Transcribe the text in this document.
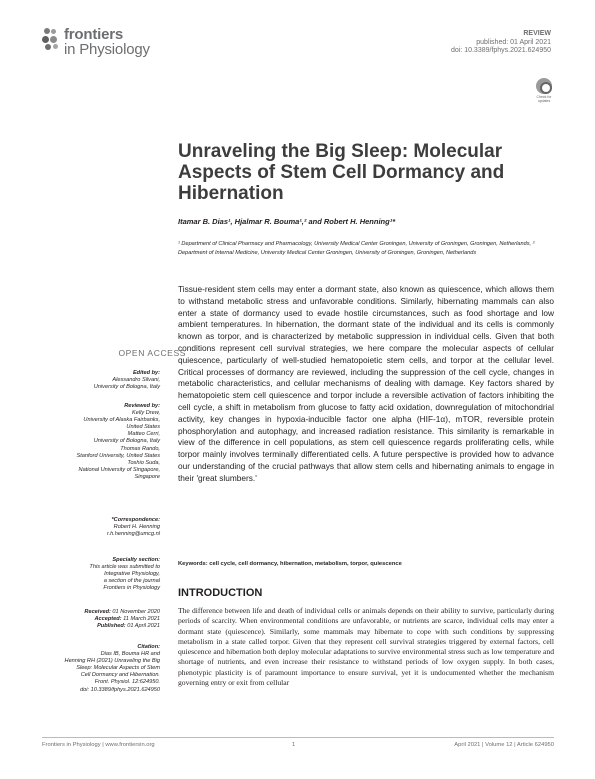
frontiers
in Physiology
REVIEW
published: 01 April 2021
doi: 10.3389/fphys.2021.624950
Check for updates
Unraveling the Big Sleep: Molecular Aspects of Stem Cell Dormancy and Hibernation
Itamar B. Dias¹, Hjalmar R. Bouma¹,² and Robert H. Henning¹*
¹ Department of Clinical Pharmacy and Pharmacology, University Medical Center Groningen, University of Groningen, Groningen, Netherlands, ² Department of Internal Medicine, University Medical Center Groningen, University of Groningen, Groningen, Netherlands
Tissue-resident stem cells may enter a dormant state, also known as quiescence, which allows them to withstand metabolic stress and unfavorable conditions. Similarly, hibernating mammals can also enter a state of dormancy used to evade hostile circumstances, such as food shortage and low ambient temperatures. In hibernation, the dormant state of the individual and its cells is commonly known as torpor, and is characterized by metabolic suppression in individual cells. Given that both conditions represent cell survival strategies, we here compare the molecular aspects of cellular quiescence, particularly of well-studied hematopoietic stem cells, and torpor at the cellular level. Critical processes of dormancy are reviewed, including the suppression of the cell cycle, changes in metabolic characteristics, and cellular mechanisms of dealing with damage. Key factors shared by hematopoietic stem cell quiescence and torpor include a reversible activation of factors inhibiting the cell cycle, a shift in metabolism from glucose to fatty acid oxidation, downregulation of mitochondrial activity, key changes in hypoxia-inducible factor one alpha (HIF-1α), mTOR, reversible protein phosphorylation and autophagy, and increased radiation resistance. This similarity is remarkable in view of the difference in cell populations, as stem cell quiescence regards proliferating cells, while torpor mainly involves terminally differentiated cells. A future perspective is provided how to advance our understanding of the crucial pathways that allow stem cells and hibernating animals to engage in their 'great slumbers.'
Keywords: cell cycle, cell dormancy, hibernation, metabolism, torpor, quiescence
OPEN ACCESS
Edited by:
Alessandro Silvani,
University of Bologna, Italy
Reviewed by:
Kelly Drew,
University of Alaska Fairbanks,
United States
Matteo Cerri,
University of Bologna, Italy
Thomas Rando,
Stanford University, United States
Toshio Suda,
National University of Singapore,
Singapore
*Correspondence:
Robert H. Henning
r.h.henning@umcg.nl
Specialty section:
This article was submitted to
Integrative Physiology,
a section of the journal
Frontiers in Physiology
Received: 01 November 2020
Accepted: 11 March 2021
Published: 01 April 2021
Citation:
Dias IB, Bouma HR and
Henning RH (2021) Unraveling the Big
Sleep: Molecular Aspects of Stem
Cell Dormancy and Hibernation.
Front. Physiol. 12:624950.
doi: 10.3389/fphys.2021.624950
INTRODUCTION
The difference between life and death of individual cells or animals depends on their ability to survive, particularly during periods of scarcity. When environmental conditions are unfavorable, or nutrients are scarce, individual cells may enter a dormant state (quiescence). Similarly, some mammals may hibernate to cope with such conditions by suppressing metabolism in a state called torpor. Given that they represent cell survival strategies triggered by external factors, cell quiescence and hibernation both deploy molecular adaptations to survive environmental stress such as low temperature and shortage of nutrients, and even increase their resistance to withstand periods of low oxygen supply. In both cases, phenotypic plasticity is of paramount importance to ensure survival, yet it is undocumented whether the mechanism governing entry or exit from cellular
Frontiers in Physiology | www.frontiersin.org	1	April 2021 | Volume 12 | Article 624950
